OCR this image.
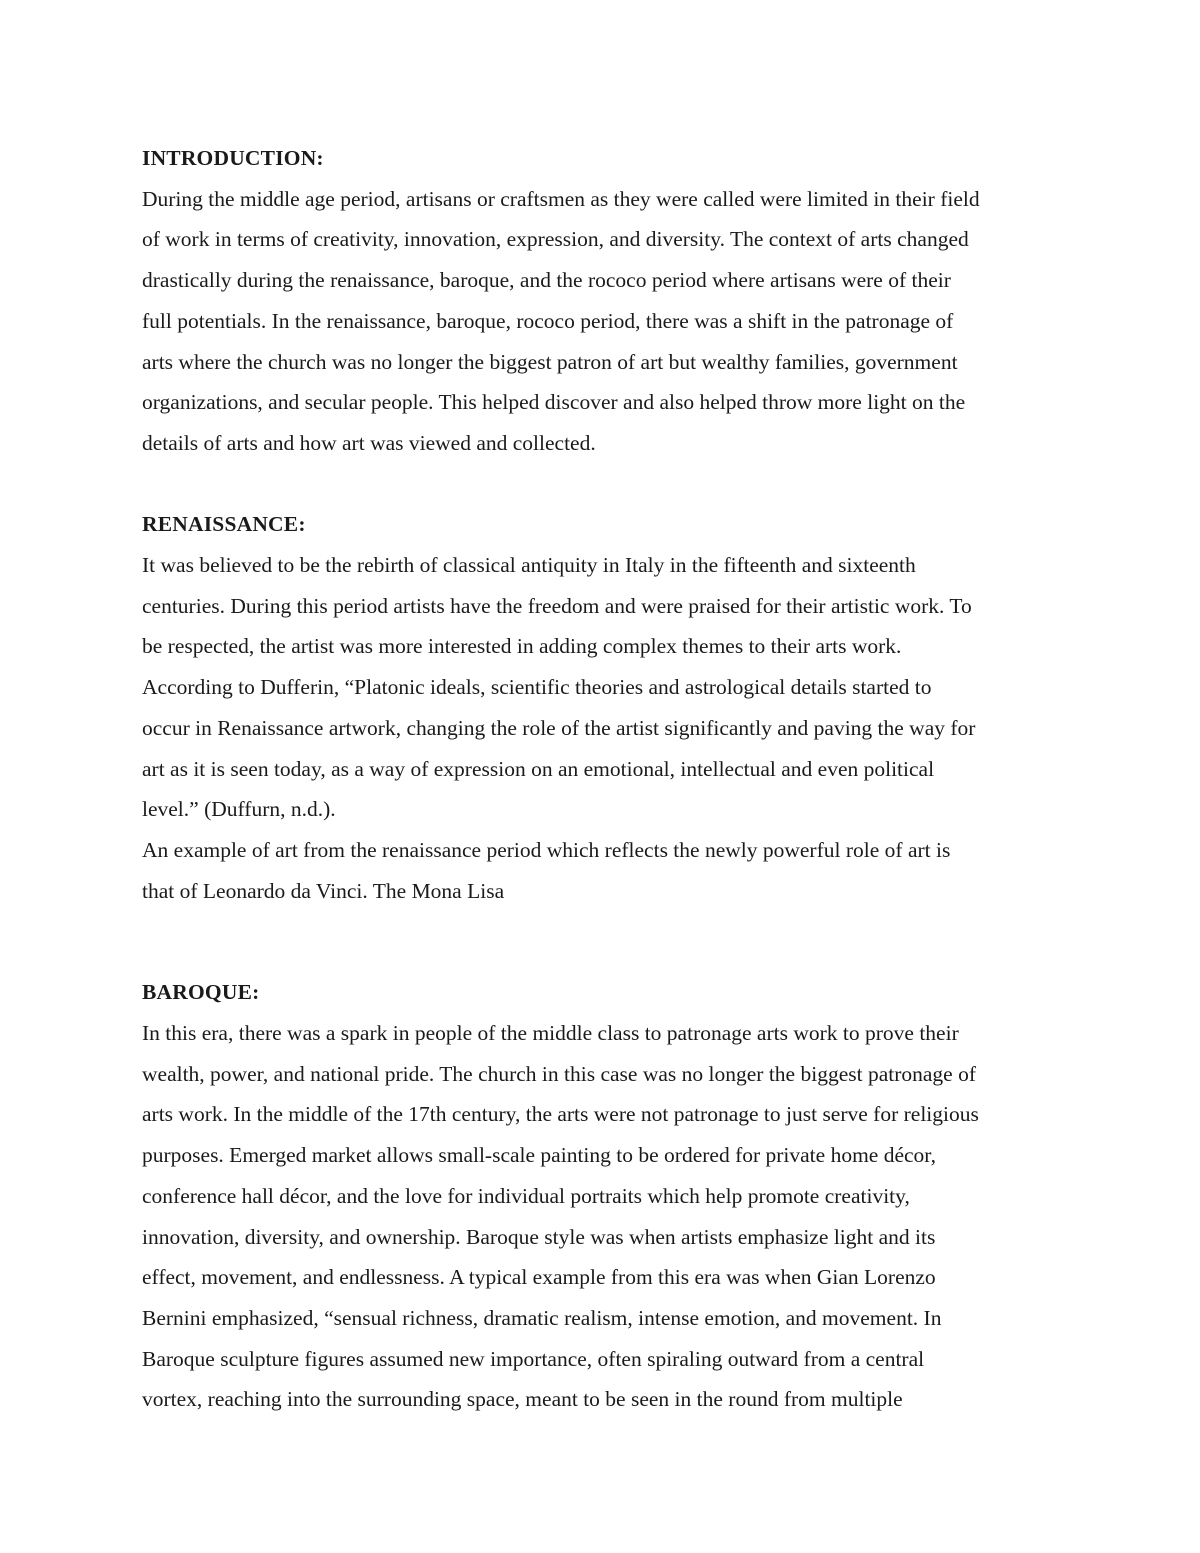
INTRODUCTION:

During the middle age period, artisans or craftsmen as they were called were limited in their field

of work in terms of creativity, innovation, expression, and diversity. The context of arts changed

drastically during the renaissance, baroque, and the rococo period where artisans were of their

full potentials. In the renaissance, baroque, rococo period, there was a shift in the patronage of

arts where the church was no longer the biggest patron of art but wealthy families, government

organizations, and secular people. This helped discover and also helped throw more light on the

details of arts and how art was viewed and collected.

RENAISSANCE:

It was believed to be the rebirth of classical antiquity in Italy in the fifteenth and sixteenth

centuries. During this period artists have the freedom and were praised for their artistic work. To

be respected, the artist was more interested in adding complex themes to their arts work.

According to Dufferin, “Platonic ideals, scientific theories and astrological details started to

occur in Renaissance artwork, changing the role of the artist significantly and paving the way for

art as it is seen today, as a way of expression on an emotional, intellectual and even political

level.” (Duffurn, n.d.).

An example of art from the renaissance period which reflects the newly powerful role of art is

that of Leonardo da Vinci. The Mona Lisa

BAROQUE:

In this era, there was a spark in people of the middle class to patronage arts work to prove their

wealth, power, and national pride. The church in this case was no longer the biggest patronage of

arts work. In the middle of the 17th century, the arts were not patronage to just serve for religious

purposes. Emerged market allows small-scale painting to be ordered for private home décor,

conference hall décor, and the love for individual portraits which help promote creativity,

innovation, diversity, and ownership. Baroque style was when artists emphasize light and its

effect, movement, and endlessness. A typical example from this era was when Gian Lorenzo

Bernini emphasized, “sensual richness, dramatic realism, intense emotion, and movement. In

Baroque sculpture figures assumed new importance, often spiraling outward from a central

vortex, reaching into the surrounding space, meant to be seen in the round from multiple
